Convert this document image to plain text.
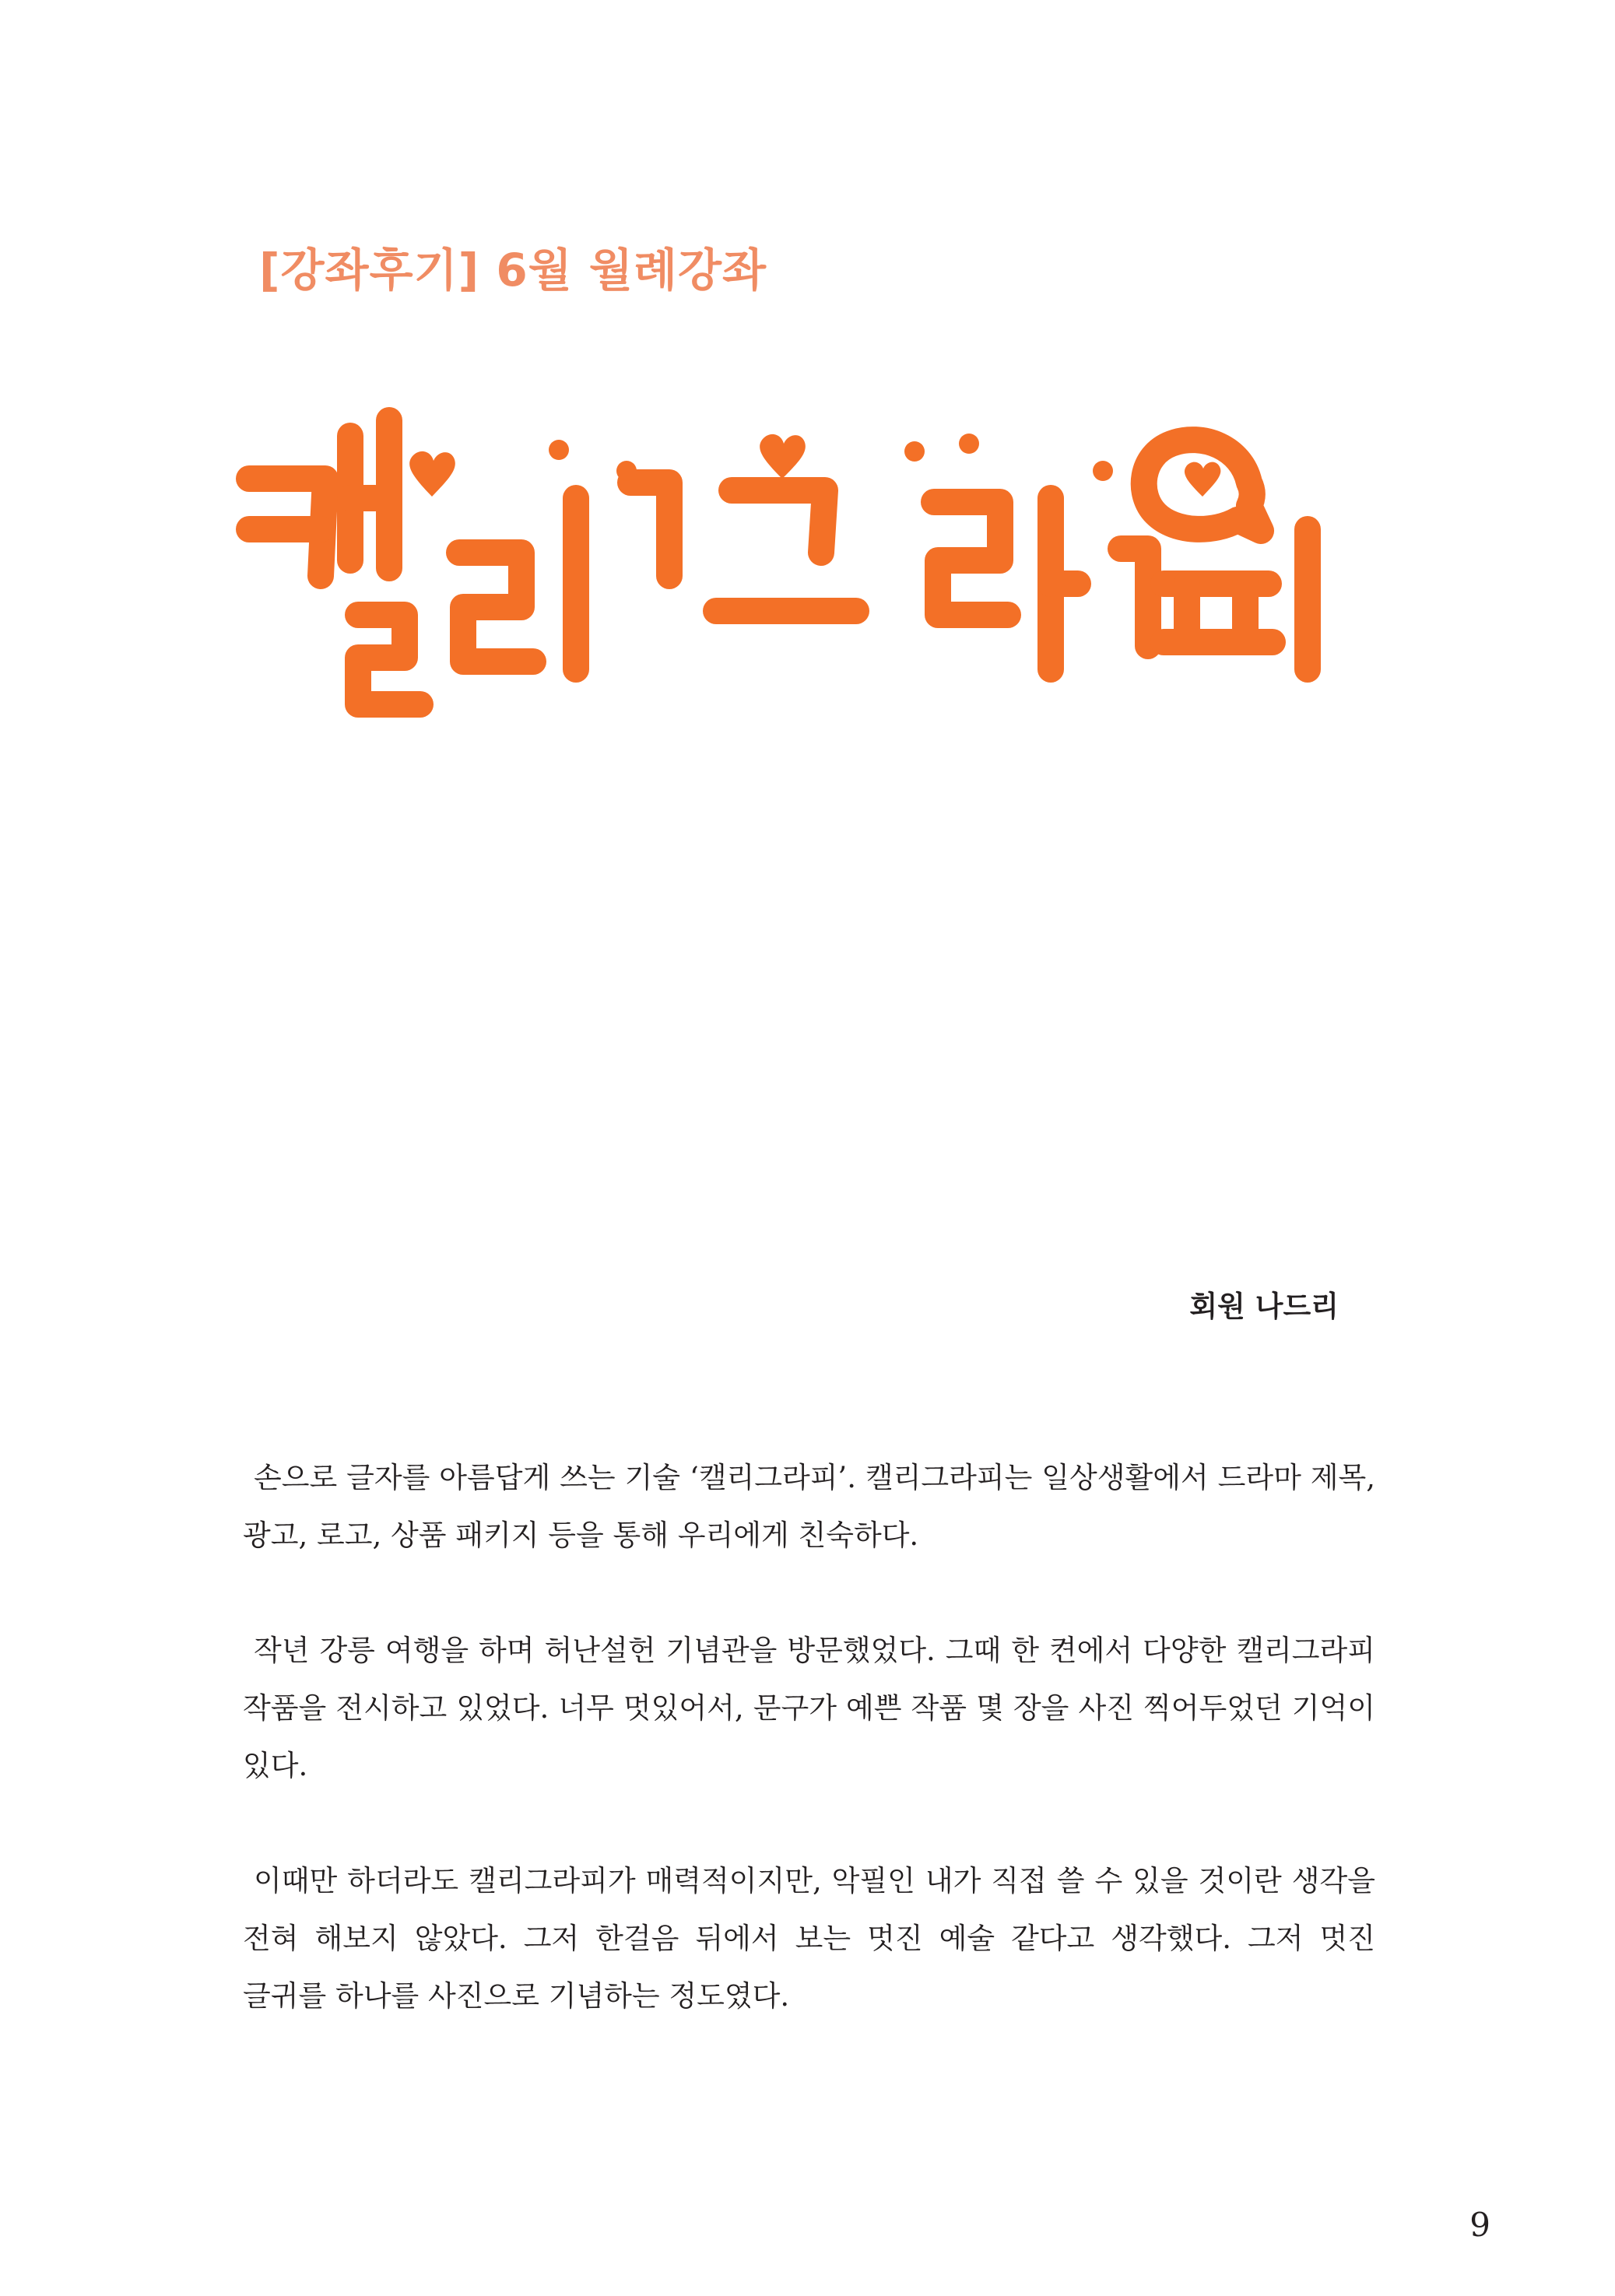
[강좌후기] 6월 월례강좌
회원 나드리

손으로 글자를 아름답게 쓰는 기술 ‘캘리그라피’. 캘리그라피는 일상생활에서 드라마 제목, 광고, 로고, 상품 패키지 등을 통해 우리에게 친숙하다.

작년 강릉 여행을 하며 허난설헌 기념관을 방문했었다. 그때 한 켠에서 다양한 캘리그라피 작품을 전시하고 있었다. 너무 멋있어서, 문구가 예쁜 작품 몇 장을 사진 찍어두었던 기억이 있다.

이때만 하더라도 캘리그라피가 매력적이지만, 악필인 내가 직접 쓸 수 있을 것이란 생각을 전혀 해보지 않았다. 그저 한걸음 뒤에서 보는 멋진 예술 같다고 생각했다. 그저 멋진 글귀를 하나를 사진으로 기념하는 정도였다.

9
